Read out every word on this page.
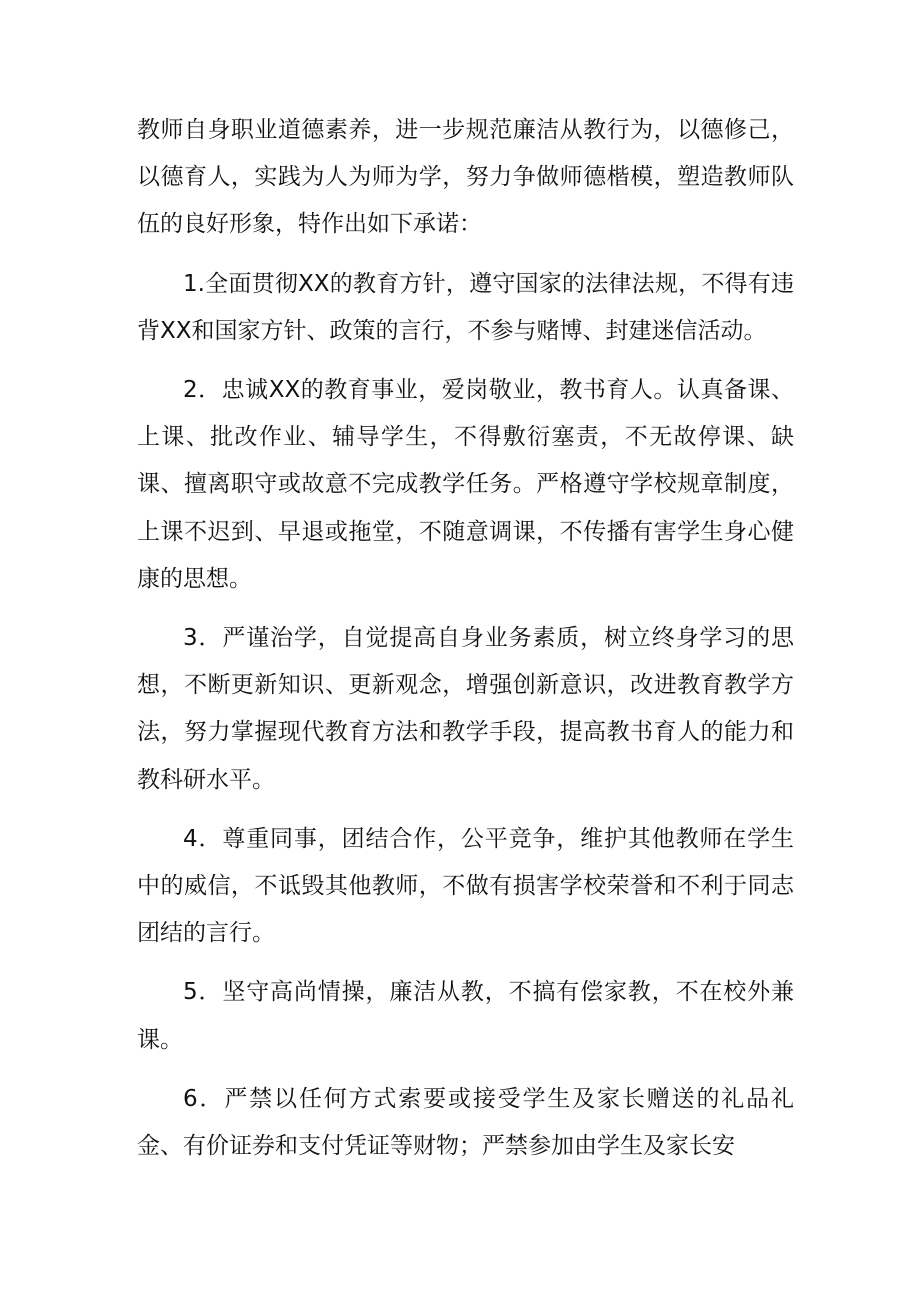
教师自身职业道德素养，进一步规范廉洁从教行为，以德修己，以德育人，实践为人为师为学，努力争做师德楷模，塑造教师队伍的良好形象，特作出如下承诺：

1.全面贯彻XX的教育方针，遵守国家的法律法规，不得有违背XX和国家方针、政策的言行，不参与赌博、封建迷信活动。

2．忠诚XX的教育事业，爱岗敬业，教书育人。认真备课、上课、批改作业、辅导学生，不得敷衍塞责，不无故停课、缺课、擅离职守或故意不完成教学任务。严格遵守学校规章制度，上课不迟到、早退或拖堂，不随意调课，不传播有害学生身心健康的思想。

3．严谨治学，自觉提高自身业务素质，树立终身学习的思想，不断更新知识、更新观念，增强创新意识，改进教育教学方法，努力掌握现代教育方法和教学手段，提高教书育人的能力和教科研水平。

4．尊重同事，团结合作，公平竞争，维护其他教师在学生中的威信，不诋毁其他教师，不做有损害学校荣誉和不利于同志团结的言行。

5．坚守高尚情操，廉洁从教，不搞有偿家教，不在校外兼课。

6．严禁以任何方式索要或接受学生及家长赠送的礼品礼金、有价证券和支付凭证等财物；严禁参加由学生及家长安
